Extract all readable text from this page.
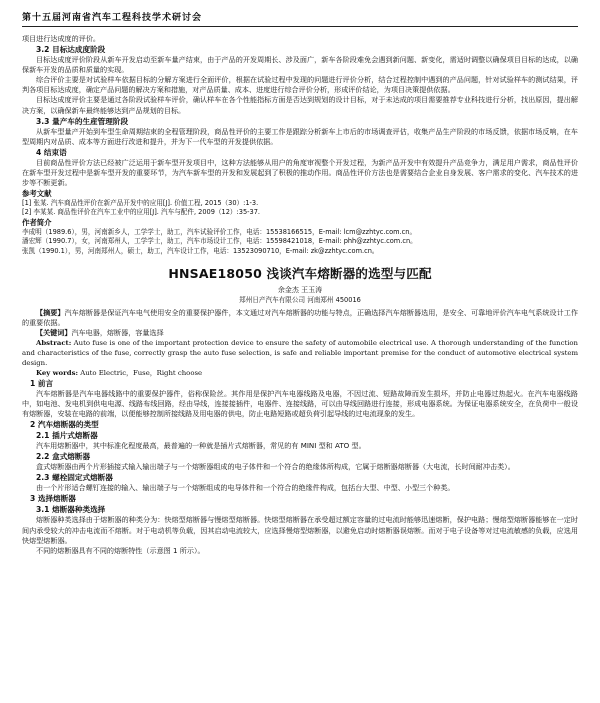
第十五届河南省汽车工程科技学术研讨会

项目进行达成度的评价。

3.2 目标达成度阶段

目标达成度评价阶段从新车开发启动至新车量产结束，由于产品的开发周期长、涉及面广，新车各阶段难免会遇到新问题、新变化，需适时调整以确保项目目标的达成，以确保新车开发的品质和质量的实现。

综合评价主要是对试验样车依据目标的分解方案进行全面评价，根据在试验过程中发现的问题进行评价分析，结合过程控制中遇到的产品问题，针对试验样车的测试结果，评判各项目标达成度，确定产品问题的解决方案和措施，对产品质量、成本、进度进行综合评价分析，形成评价结论，为项目决策提供依据。

目标达成度评价主要是通过各阶段试验样车评价，确认样车在各个性能指标方面是否达到规划的设计目标，对于未达成的项目需要推荐专业科技进行分析，找出原因，提出解决方案，以确保新车最终能够达到产品规划的目标。

3.3 量产车的生産管理阶段

从新车型量产开始到车型生命周期结束的全程管理阶段，商品性评价的主要工作是跟踪分析新车上市后的市场调查评估，收集产品生产阶段的市场反馈，依据市场反响，在车型周期内对品质、成本等方面进行改进和提升，并为下一代车型的开发提供依据。

4 结束语

目前商品性评价方法已经被广泛运用于新车型开发项目中，这种方法能够从用户的角度审视整个开发过程，为新产品开发中有效提升产品竞争力，满足用户需求，商品性评价在新车型开发过程中是新车型开发的重要环节，为汽车新车型的开发和发展起到了积极的推动作用。商品性评价方法也是需要结合企业自身发展、客户需求的变化、汽车技术的进步等不断更新。

参考文献

[1] 张某. 汽车商品性评价在新产品开发中的应用[J]. 价值工程, 2015（30）:1-3.

[2] 李某某. 商品性评价在汽车工业中的应用[J]. 汽车与配件, 2009（12）:35-37.

作者简介

李成明（1989.6），男，河南新乡人，工学学士，助工，汽车试验评价工作，电话：15538166515，E-mail: lcm@zzhtyc.com.cn。

潘宏辉（1990.7），女，河南郑州人，工学学士，助工，汽车市场设计工作，电话：15598421018，E-mail: phh@zzhtyc.com.cn。

张凯（1990.1），男，河南郑州人，硕士，助工，汽车设计工作，电话：13523090710，E-mail: zk@zzhtyc.com.cn。

HNSAE18050 浅谈汽车熔断器的选型与匹配
余金杰 王玉涛
郑州日产汽车有限公司 河南郑州 450016

【摘要】汽车熔断器是保证汽车电气使用安全的重要保护器件，本文通过对汽车熔断器的功能与特点，正确选择汽车熔断器选用，是安全、可靠地评价汽车电气系统设计工作的重要依据。

【关键词】汽车电器，熔断器，容量选择

Abstract: Auto fuse is one of the important protection device to ensure the safety of automobile electrical use. A thorough understanding of the function and characteristics of the fuse, correctly grasp the auto fuse selection, is safe and reliable important premise for the conduct of automotive electrical system design.

Key words: Auto Electric，Fuse，Right choose

1 前言

汽车熔断器是汽车电器线路中的重要保护器件，俗称保险丝。其作用是保护汽车电器线路及电器，不因过流、短路故障而发生损坏，并防止电器过热起火。在汽车电器线路中，如电池、发电机到供电电源、线路布线回路，经由导线，连接接插件，电器件、连接线路，可以由导线回路进行连接，形成电器系统。为保证电器系统安全，在负荷中一般设有熔断器，安装在电路的前端，以便能够控制所接线路及用电器的供电，防止电路短路或超负荷引起导线的过电流现象的发生。

2 汽车熔断器的类型
2.1 插片式熔断器

汽车用熔断器中，其中标准化程度最高，最普遍的一种就是插片式熔断器，常见的有 MINI 型和 ATO 型。

2.2 盒式熔断器

盒式熔断器由两个片形插接式输入输出端子与一个熔断器组成的电子体件和一个符合的绝缘体所构成，它属于熔断器熔断器（大电流，长时间耐冲击类）。

2.3 螺栓固定式熔断器

由一个片形适合螺钉连接的输入、输出端子与一个熔断组成的电导体件和一个符合的绝缘件构成，包括台大型、中型、小型三个种类。

3 选择熔断器
3.1 熔断器种类选择

熔断器种类选择由于熔断器的种类分为：快熔型熔断器与慢熔型熔断器。快熔型熔断器在承受超过额定容量的过电流时能够迅速熔断，保护电路；慢熔型熔断器能够在一定时间内承受较大的冲击电流而不熔断。对于电动机等负载，因其启动电流较大，应选择慢熔型熔断器，以避免启动时熔断器误熔断。而对于电子设备等对过电流敏感的负载，应选用快熔型熔断器。

不同的熔断器具有不同的熔断特性（示意图 1 所示）。
